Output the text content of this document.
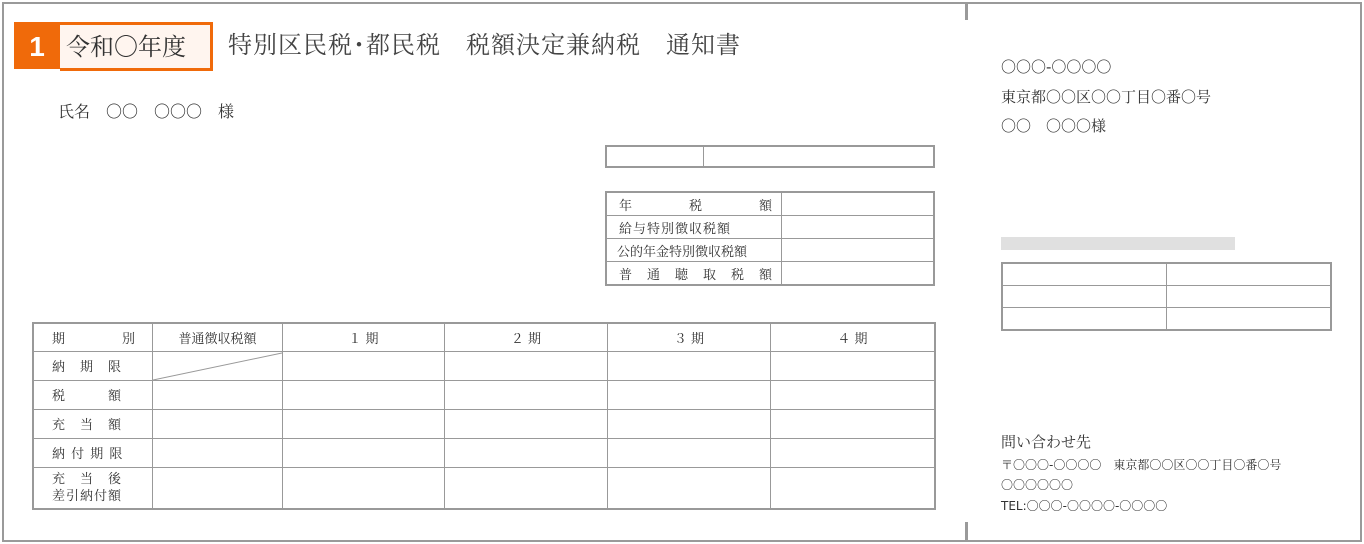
1 令和〇年度	特別区民税･都民税　税額決定兼納税　通知書
氏名　〇〇　〇〇〇　様

年　　　　税　　　　額	
給与特別徴収税額	
公的年金特別徴収税額	
普　通　聴　取　税　額	
期　　　　別	普通徴収税額	１ 期	２ 期	３ 期	４ 期
納　期　限	

税　　　額					
充　当　額					
納 付 期 限					
充　当　後
差引納付額					
〇〇〇-〇〇〇〇
東京都〇〇区〇〇丁目〇番〇号
〇〇　〇〇〇様

問い合わせ先
〒〇〇〇-〇〇〇〇　東京都〇〇区〇〇丁目〇番〇号
〇〇〇〇〇〇
TEL:〇〇〇-〇〇〇〇-〇〇〇〇
